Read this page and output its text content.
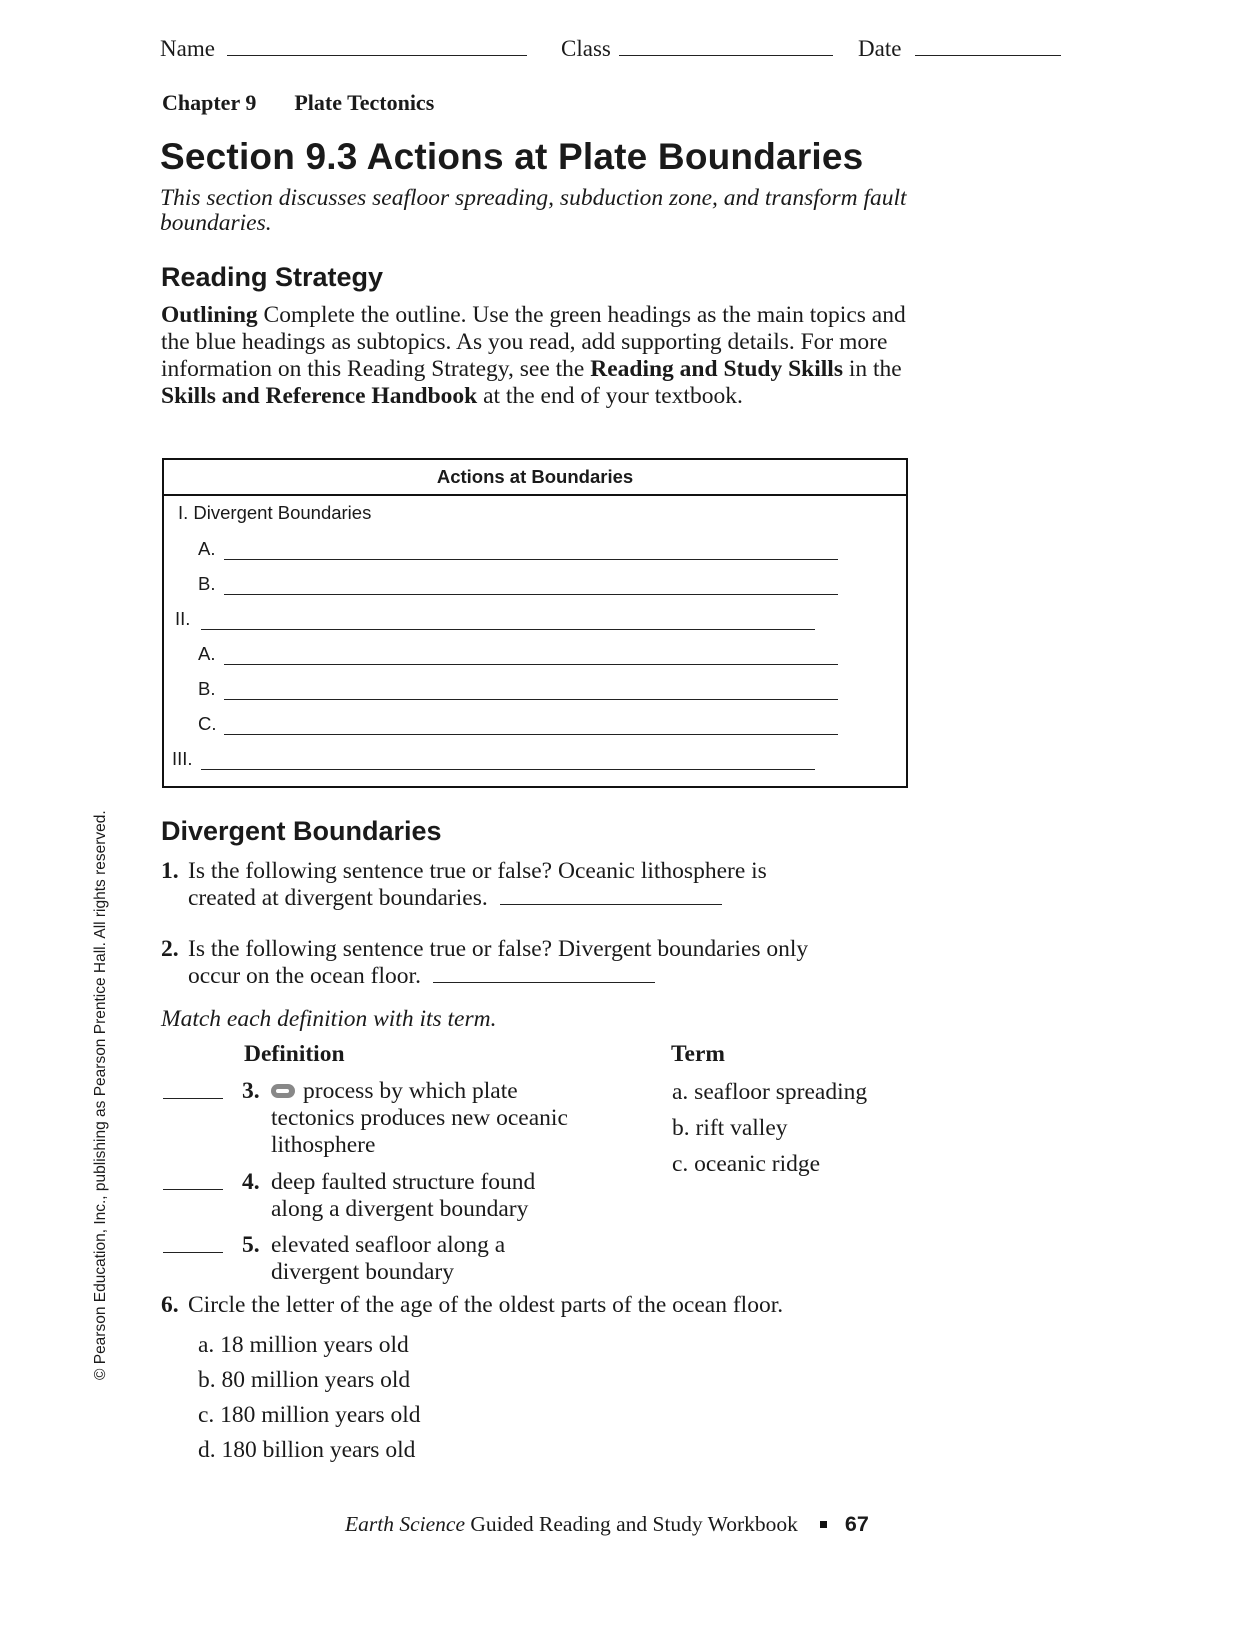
Name	Class	Date
Chapter 9 Plate Tectonics
Section 9.3 Actions at Plate Boundaries
This section discusses seafloor spreading, subduction zone, and transform fault boundaries.
Reading Strategy
Outlining Complete the outline. Use the green headings as the main topics and the blue headings as subtopics. As you read, add supporting details. For more information on this Reading Strategy, see the Reading and Study Skills in the Skills and Reference Handbook at the end of your textbook.
Actions at Boundaries
I. Divergent Boundaries
A.
B.
II.
A.
B.
C.
III.
Divergent Boundaries
1. Is the following sentence true or false? Oceanic lithosphere is
created at divergent boundaries.
2. Is the following sentence true or false? Divergent boundaries only
occur on the ocean floor.
Match each definition with its term.
Definition	Term
3.	process by which plate tectonics produces new oceanic lithosphere
4. deep faulted structure found along a divergent boundary
5. elevated seafloor along a divergent boundary
a. seafloor spreading
b. rift valley
c. oceanic ridge
6. Circle the letter of the age of the oldest parts of the ocean floor.
a. 18 million years old
b. 80 million years old
c. 180 million years old
d. 180 billion years old
Earth Science Guided Reading and Study Workbook 67
© Pearson Education, Inc., publishing as Pearson Prentice Hall. All rights reserved.
